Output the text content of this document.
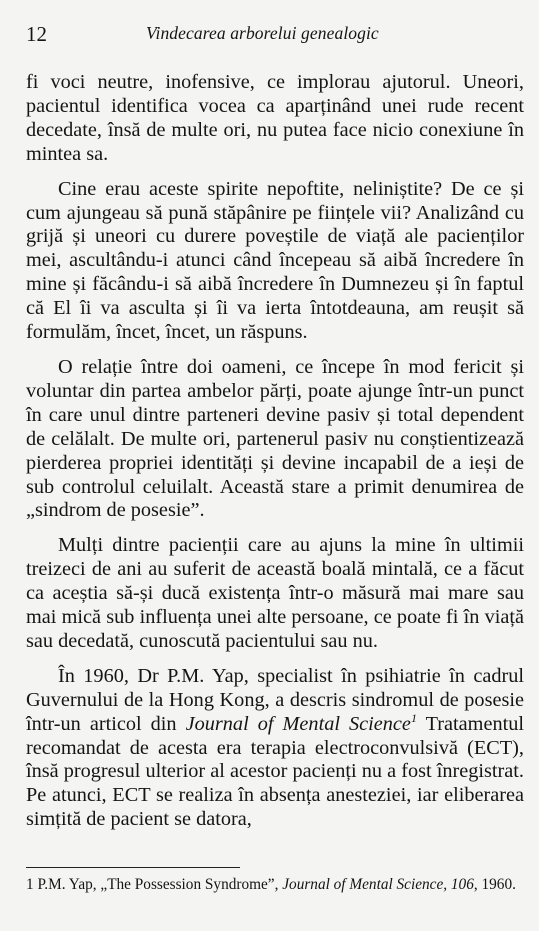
12	Vindecarea arborelui genealogic

fi voci neutre, inofensive, ce implorau ajutorul. Uneori, pacientul identifica vocea ca aparținând unei rude recent decedate, însă de multe ori, nu putea face nicio conexiune în mintea sa.

Cine erau aceste spirite nepoftite, neliniștite? De ce și cum ajungeau să pună stăpânire pe ființele vii? Analizând cu grijă și uneori cu durere poveștile de viață ale pacienților mei, ascultându-i atunci când începeau să aibă încredere în mine și făcându-i să aibă încredere în Dumnezeu și în faptul că El îi va asculta și îi va ierta întotdeauna, am reușit să formulăm, încet, încet, un răspuns.

O relație între doi oameni, ce începe în mod fericit și voluntar din partea ambelor părți, poate ajunge într-un punct în care unul dintre parteneri devine pasiv și total dependent de celălalt. De multe ori, partenerul pasiv nu conștientizează pierderea propriei identități și devine incapabil de a ieși de sub controlul celuilalt. Această stare a primit denumirea de „sindrom de posesie”.

Mulți dintre pacienții care au ajuns la mine în ultimii treizeci de ani au suferit de această boală mintală, ce a făcut ca aceștia să-și ducă existența într-o măsură mai mare sau mai mică sub influența unei alte persoane, ce poate fi în viață sau decedată, cunoscută pacientului sau nu.

În 1960, Dr P.M. Yap, specialist în psihiatrie în cadrul Guvernului de la Hong Kong, a descris sindromul de posesie într-un articol din Journal of Mental Science$^1$ Tratamentul recomandat de acesta era terapia electroconvulsivă (ECT), însă progresul ulterior al acestor pacienți nu a fost înregistrat. Pe atunci, ECT se realiza în absența anesteziei, iar eliberarea simțită de pacient se datora,

1 P.M. Yap, „The Possession Syndrome”, Journal of Mental Science, 106, 1960.
